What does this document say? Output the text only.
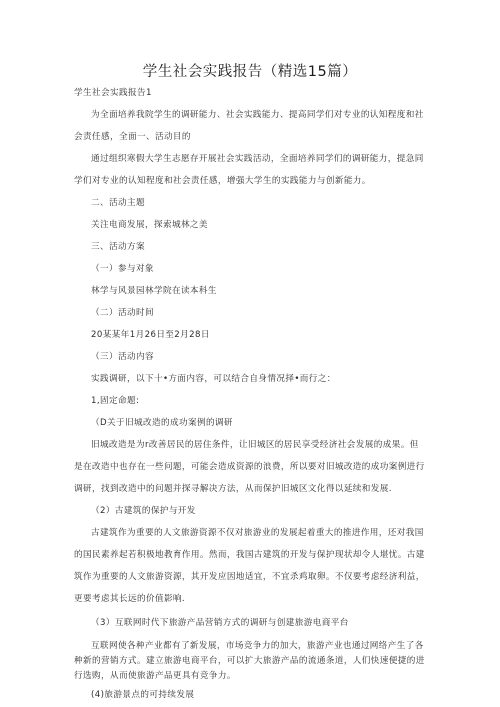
学生社会实践报告（精选15篇）
学生社会实践报告1
为全面培养我院学生的调研能力、社会实践能力、提高同学们对专业的认知程度和社会责任感，全面一、活动目的
通过组织寒假大学生志愿存开展社会实践活动，全面培养同学们的调研能力，提急同学们对专业的认知程度和社会责任感，增强大学生的实践能力与创新能力。
二、活动主题
关注电商发展，探索城林之美
三、活动方案
（一）参与对象
林学与风景园林学院在读本科生
（二）活动时间
20某某年1月26日至2月28日
（三）活动内容
实践调研，以下十•方面内容，可以结合自身情况择•而行之：
1,固定命题:
（D关于旧城改造的成功案例的调研
旧城改造是为r改善居民的居住条件，让旧城区的居民享受经济社会发展的成果。但是在改造中也存在一些问题，可能会造成资源的浪费，所以要对旧城改造的成功案例进行调研，找到改造中的问题并探寻解决方法，从而保护旧城区文化得以延续和发展.
（2）古建筑的保护与开发
古建筑作为重要的人文旅游资源不仅对旅游业的发展起着重大的推进作用，还对我国的国民素养起若积极地教育作用。然而，我国古建筑的开发与保护现状却令人堪忧。古建筑作为重要的人文旅游资源，其开发应因地适宜，不宜杀鸡取卵。不仅要考虑经济利益，更要考虑其长远的价值影响.
（3）互联网时代下旅游产品营销方式的调研与创建旅游电商平台
互联网使各种产业都有了新发展，市场竞争力的加大，旅游产业也通过网络产生了各种新的营销方式。建立旅游电商平台，可以扩大旅游产品的流通条道，人们快速便捷的进行选购，从而使旅游产品更具有竞争力。
(4)旅游景点的可持续发展
